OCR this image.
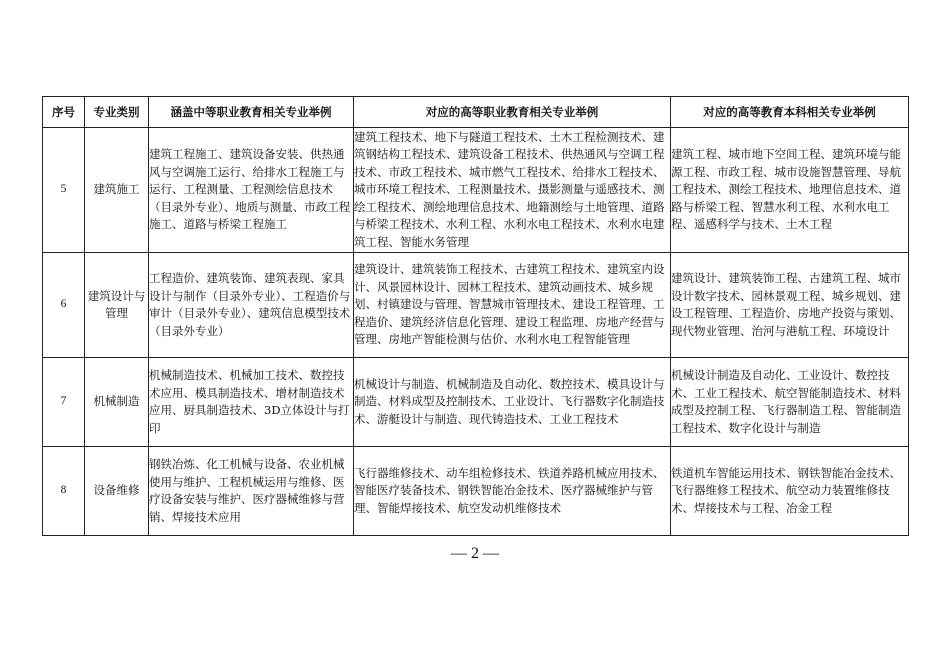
序号	专业类别	涵盖中等职业教育相关专业举例	对应的高等职业教育相关专业举例	对应的高等教育本科相关专业举例
5	建筑施工	建筑工程施工、建筑设备安装、供热通风与空调施工运行、给排水工程施工与运行、工程测量、工程测绘信息技术（目录外专业）、地质与测量、市政工程施工、道路与桥梁工程施工	建筑工程技术、地下与隧道工程技术、土木工程检测技术、建筑钢结构工程技术、建筑设备工程技术、供热通风与空调工程技术、市政工程技术、城市燃气工程技术、给排水工程技术、城市环境工程技术、工程测量技术、摄影测量与遥感技术、测绘工程技术、测绘地理信息技术、地籍测绘与土地管理、道路与桥梁工程技术、水利工程、水利水电工程技术、水利水电建筑工程、智能水务管理	建筑工程、城市地下空间工程、建筑环境与能源工程、市政工程、城市设施智慧管理、导航工程技术、测绘工程技术、地理信息技术、道路与桥梁工程、智慧水利工程、水利水电工程、遥感科学与技术、土木工程
6	建筑设计与管理	工程造价、建筑装饰、建筑表现、家具设计与制作（目录外专业）、工程造价与审计（目录外专业）、建筑信息模型技术（目录外专业）	建筑设计、建筑装饰工程技术、古建筑工程技术、建筑室内设计、风景园林设计、园林工程技术、建筑动画技术、城乡规划、村镇建设与管理、智慧城市管理技术、建设工程管理、工程造价、建筑经济信息化管理、建设工程监理、房地产经营与管理、房地产智能检测与估价、水利水电工程智能管理	建筑设计、建筑装饰工程、古建筑工程、城市设计数字技术、园林景观工程、城乡规划、建设工程管理、工程造价、房地产投资与策划、现代物业管理、治河与港航工程、环境设计
7	机械制造	机械制造技术、机械加工技术、数控技术应用、模具制造技术、增材制造技术应用、厨具制造技术、3D立体设计与打印	机械设计与制造、机械制造及自动化、数控技术、模具设计与制造、材料成型及控制技术、工业设计、飞行器数字化制造技术、游艇设计与制造、现代铸造技术、工业工程技术	机械设计制造及自动化、工业设计、数控技术、工业工程技术、航空智能制造技术、材料成型及控制工程、飞行器制造工程、智能制造工程技术、数字化设计与制造
8	设备维修	钢铁冶炼、化工机械与设备、农业机械使用与维护、工程机械运用与维修、医疗设备安装与维护、医疗器械维修与营销、焊接技术应用	飞行器维修技术、动车组检修技术、铁道养路机械应用技术、智能医疗装备技术、钢铁智能冶金技术、医疗器械维护与管理、智能焊接技术、航空发动机维修技术	铁道机车智能运用技术、钢铁智能冶金技术、飞行器维修工程技术、航空动力装置维修技术、焊接技术与工程、冶金工程
— 2 —
